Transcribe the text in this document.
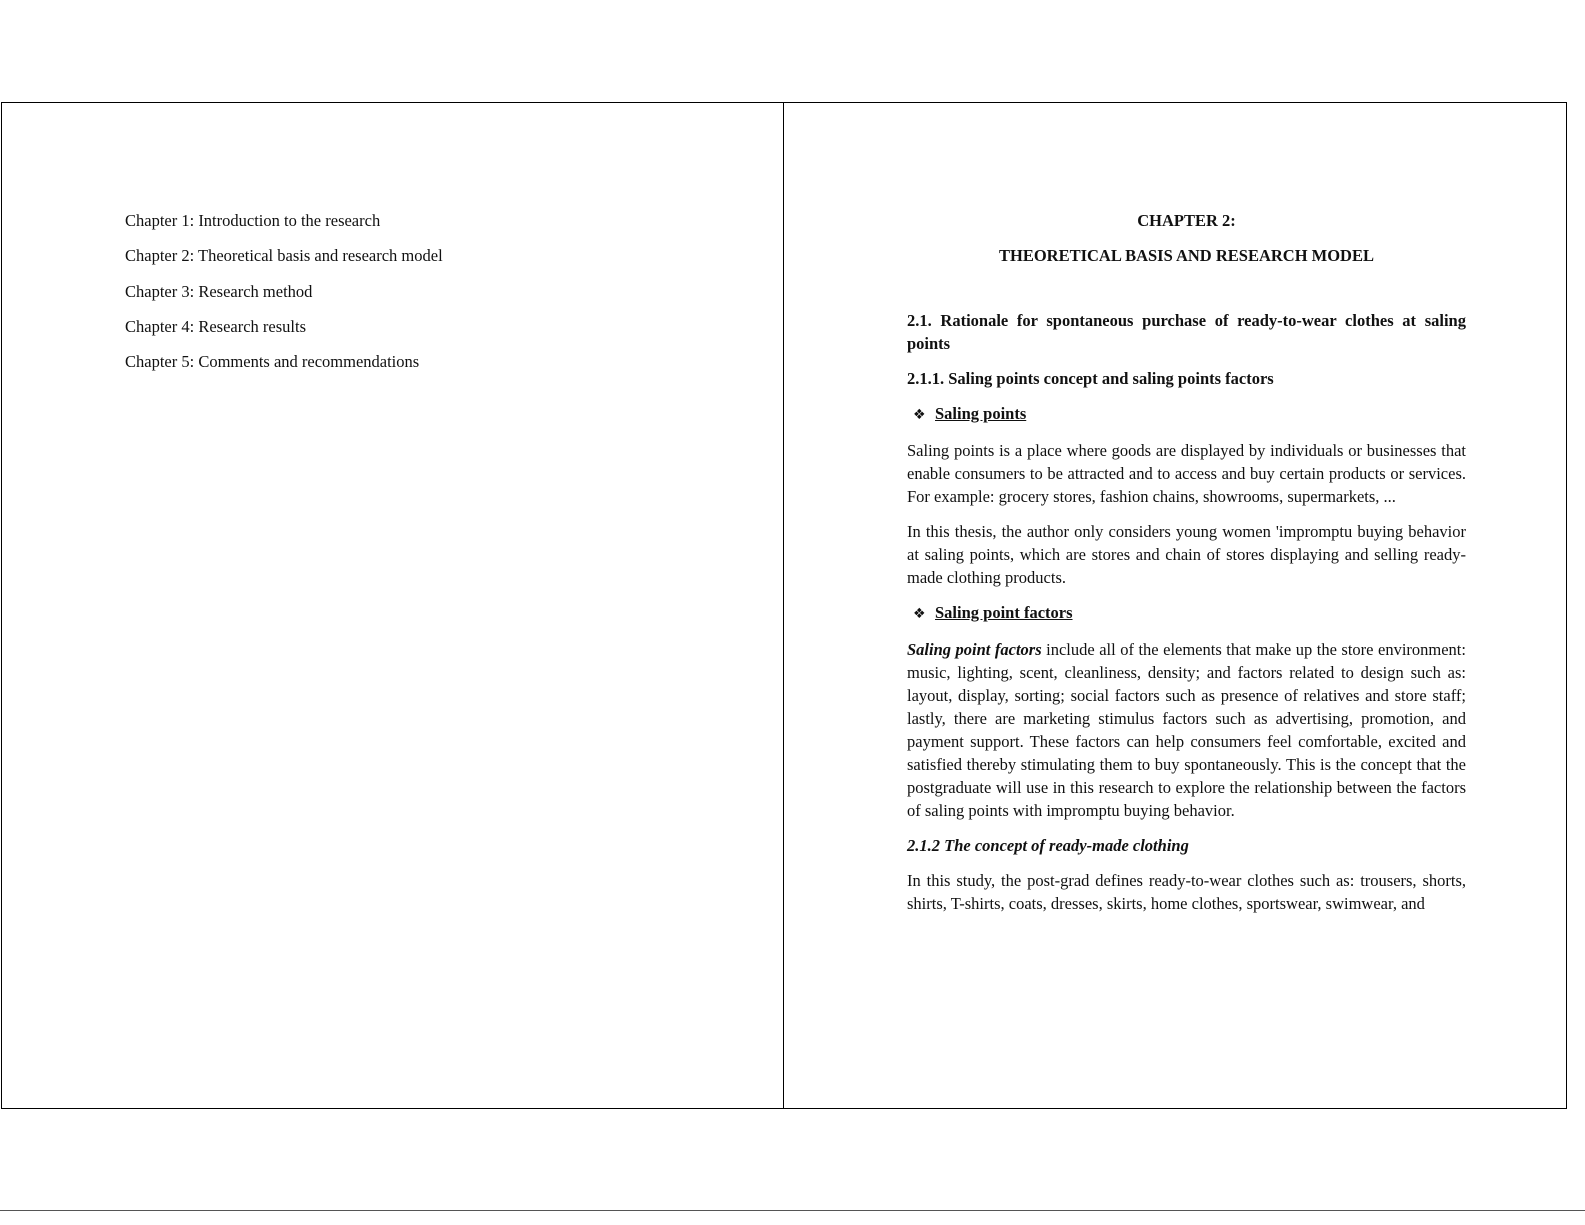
Chapter 1: Introduction to the research
Chapter 2: Theoretical basis and research model
Chapter 3: Research method
Chapter 4: Research results
Chapter 5: Comments and recommendations

CHAPTER 2:

THEORETICAL BASIS AND RESEARCH MODEL

2.1. Rationale for spontaneous purchase of ready-to-wear clothes at saling points

2.1.1. Saling points concept and saling points factors

❖ Saling points

Saling points is a place where goods are displayed by individuals or businesses that enable consumers to be attracted and to access and buy certain products or services. For example: grocery stores, fashion chains, showrooms, supermarkets, ...

In this thesis, the author only considers young women 'impromptu buying behavior at saling points, which are stores and chain of stores displaying and selling ready-made clothing products.

❖ Saling point factors

Saling point factors include all of the elements that make up the store environment: music, lighting, scent, cleanliness, density; and factors related to design such as: layout, display, sorting; social factors such as presence of relatives and store staff; lastly, there are marketing stimulus factors such as advertising, promotion, and payment support. These factors can help consumers feel comfortable, excited and satisfied thereby stimulating them to buy spontaneously. This is the concept that the postgraduate will use in this research to explore the relationship between the factors of saling points with impromptu buying behavior.

2.1.2 The concept of ready-made clothing

In this study, the post-grad defines ready-to-wear clothes such as: trousers, shorts, shirts, T-shirts, coats, dresses, skirts, home clothes, sportswear, swimwear, and
